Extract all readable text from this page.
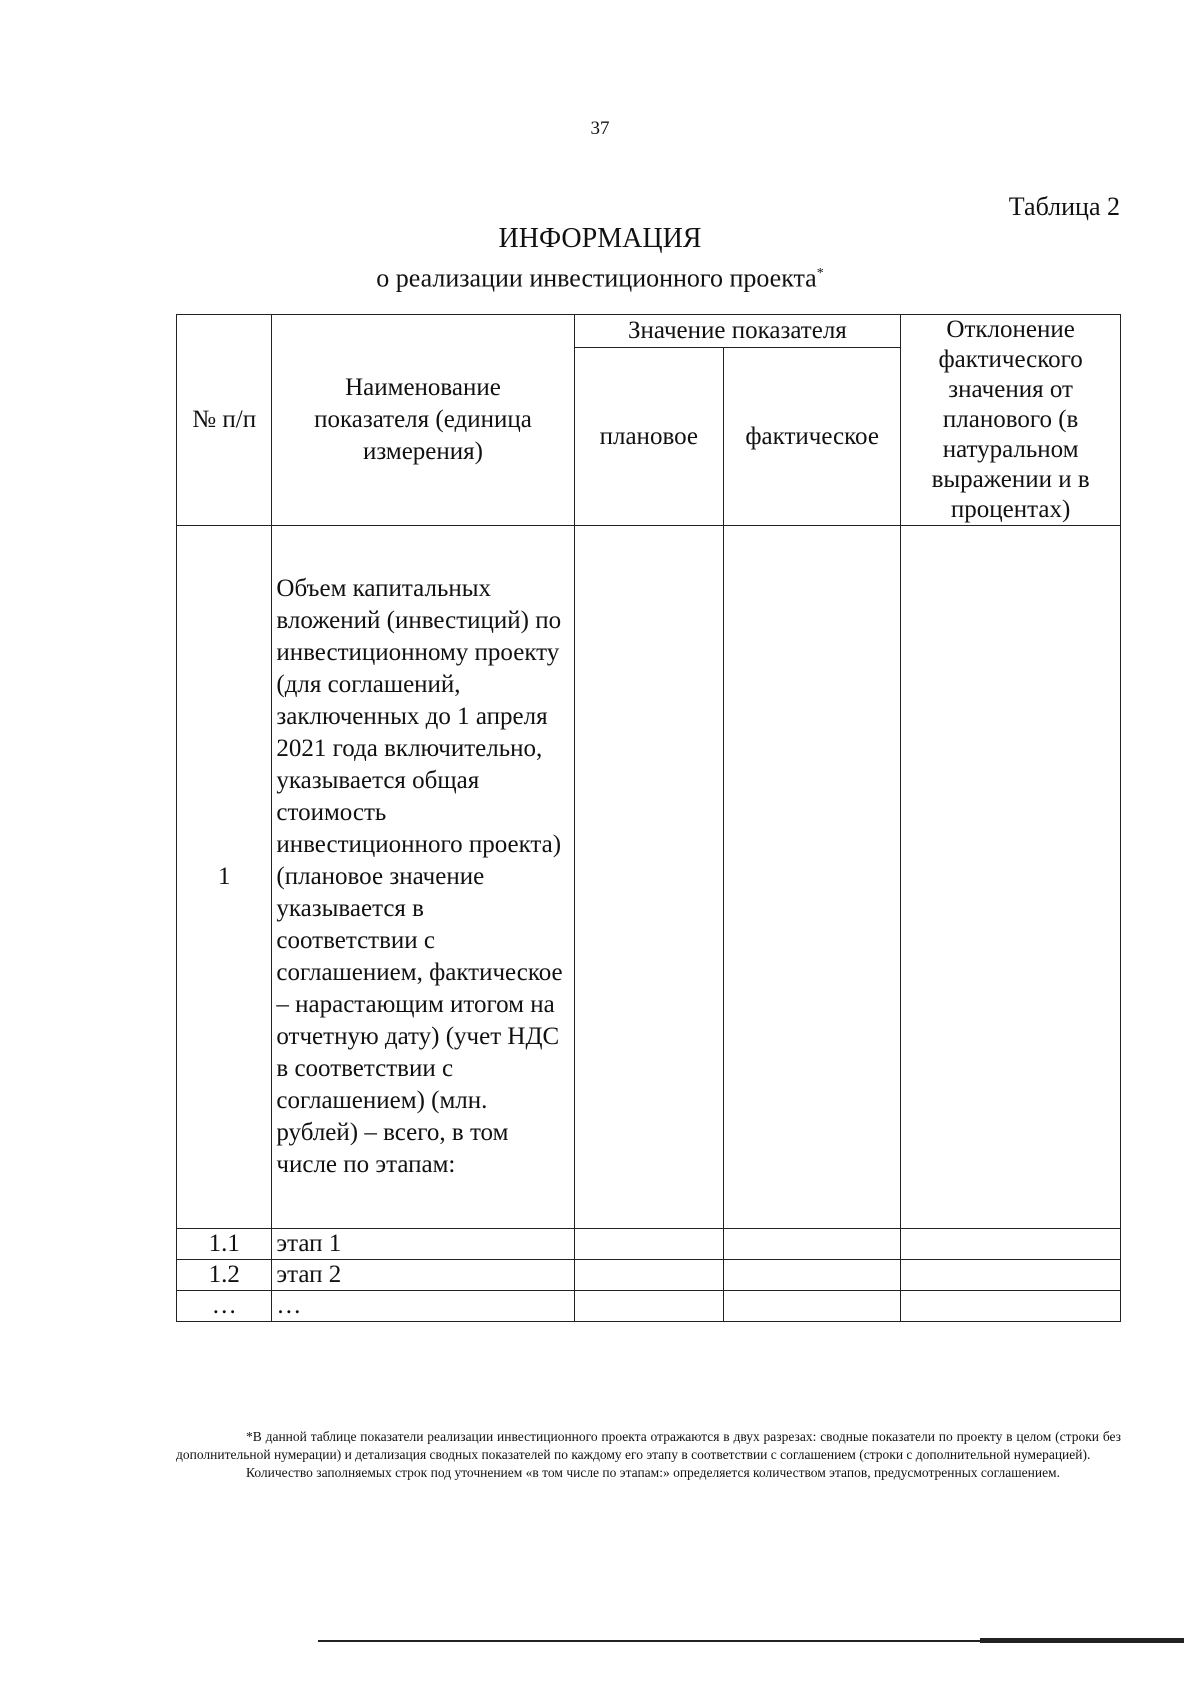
37
Таблица 2
ИНФОРМАЦИЯ
о реализации инвестиционного проекта*
№ п/п	Наименование показателя (единица измерения)	Значение показателя		Отклонение фактического значения от планового (в натуральном выражении и в процентах)
		плановое	фактическое	
1	Объем капитальных вложений (инвестиций) по инвестиционному проекту (для соглашений, заключенных до 1 апреля 2021 года включительно, указывается общая стоимость инвестиционного проекта) (плановое значение указывается в соответствии с соглашением, фактическое – нарастающим итогом на отчетную дату) (учет НДС в соответствии с соглашением) (млн. рублей) – всего, в том числе по этапам:			
1.1	этап 1			
1.2	этап 2			
…	…			

*В данной таблице показатели реализации инвестиционного проекта отражаются в двух разрезах: сводные показатели по проекту в целом (строки без дополнительной нумерации) и детализация сводных показателей по каждому его этапу в соответствии с соглашением (строки с дополнительной нумерацией).

Количество заполняемых строк под уточнением «в том числе по этапам:» определяется количеством этапов, предусмотренных соглашением.
